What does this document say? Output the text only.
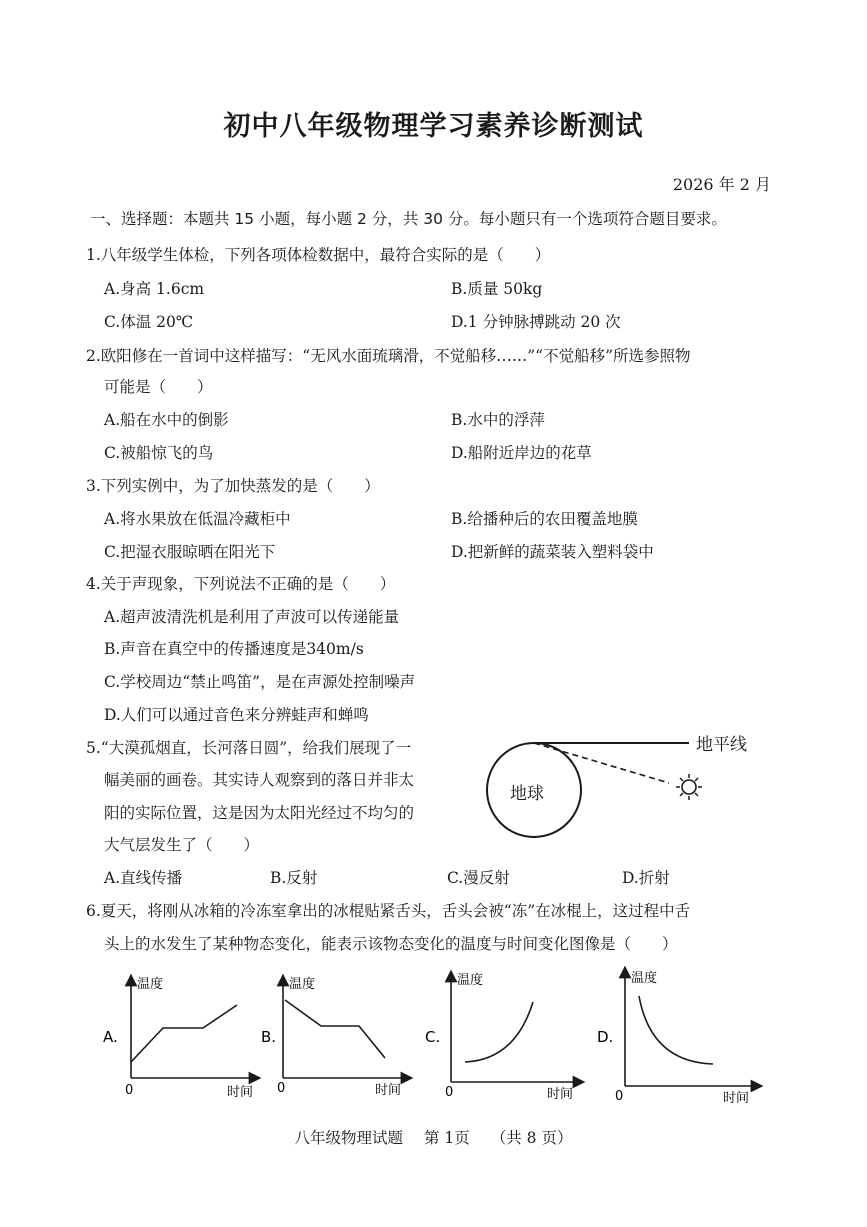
初中八年级物理学习素养诊断测试
2026 年 2 月
一、选择题：本题共 15 小题，每小题 2 分，共 30 分。每小题只有一个选项符合题目要求。
1.八年级学生体检，下列各项体检数据中，最符合实际的是（　　）
A.身高 1.6cm	B.质量 50kg
C.体温 20℃	D.1 分钟脉搏跳动 20 次
2.欧阳修在一首词中这样描写：“无风水面琉璃滑，不觉船移……”“不觉船移”所选参照物
可能是（　　）
A.船在水中的倒影	B.水中的浮萍
C.被船惊飞的鸟	D.船附近岸边的花草
3.下列实例中，为了加快蒸发的是（　　）
A.将水果放在低温冷藏柜中	B.给播种后的农田覆盖地膜
C.把湿衣服晾晒在阳光下	D.把新鲜的蔬菜装入塑料袋中
4.关于声现象，下列说法不正确的是（　　）
A.超声波清洗机是利用了声波可以传递能量
B.声音在真空中的传播速度是340m/s
C.学校周边“禁止鸣笛”，是在声源处控制噪声
D.人们可以通过音色来分辨蛙声和蝉鸣
5.“大漠孤烟直，长河落日圆”，给我们展现了一
幅美丽的画卷。其实诗人观察到的落日并非太
阳的实际位置，这是因为太阳光经过不均匀的
大气层发生了（　　）
A.直线传播	B.反射	C.漫反射	D.折射
地球
地平线
6.夏天，将刚从冰箱的冷冻室拿出的冰棍贴紧舌头，舌头会被“冻”在冰棍上，这过程中舌
头上的水发生了某种物态变化，能表示该物态变化的温度与时间变化图像是（　　）
A.
温度
时间
0
B.
温度
时间
0
C.
温度
时间
0
D.
温度
时间
0
八年级物理试题 第 1页 （共 8 页）
